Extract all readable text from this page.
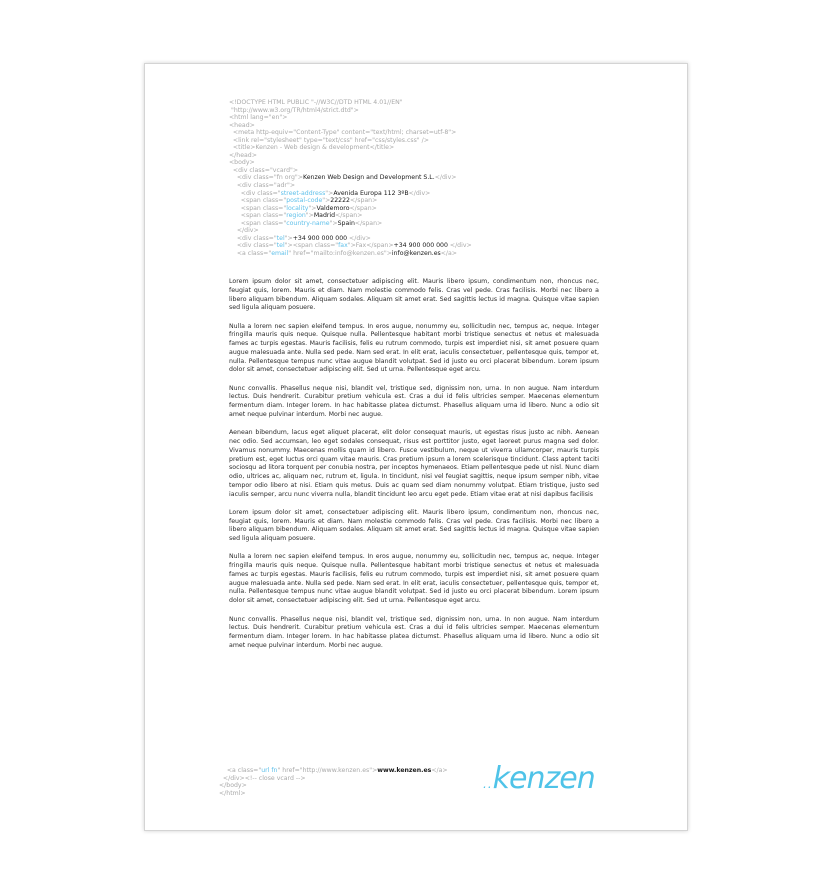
<!DOCTYPE HTML PUBLIC "-//W3C//DTD HTML 4.01//EN"
"http://www.w3.org/TR/html4/strict.dtd">
<html lang="en">
<head>
<meta http-equiv="Content-Type" content="text/html; charset=utf-8">
<link rel="stylesheet" type="text/css" href="css/styles.css" />
<title>Kenzen - Web design & development</title>
</head>
<body>
<div class="vcard">
<div class="fn org">Kenzen Web Design and Development S.L.</div>
<div class="adr">
<div class="street-address">Avenida Europa 112 3ºB</div>
<span class="postal-code">22222</span>
<span class="locality">Valdemoro</span>
<span class="region">Madrid</span>
<span class="country-name">Spain</span>
</div>
<div class="tel">+34 900 000 000 </div>
<div class="tel"><span class="fax">Fax</span>+34 900 000 000 </div>
<a class="email" href="mailto:info@kenzen.es">info@kenzen.es</a>

Lorem ipsum dolor sit amet, consectetuer adipiscing elit. Mauris libero ipsum, condimentum non, rhoncus nec, feugiat quis, lorem. Mauris et diam. Nam molestie commodo felis. Cras vel pede. Cras facilisis. Morbi nec libero a libero aliquam bibendum. Aliquam sodales. Aliquam sit amet erat. Sed sagittis lectus id magna. Quisque vitae sapien sed ligula aliquam posuere.

Nulla a lorem nec sapien eleifend tempus. In eros augue, nonummy eu, sollicitudin nec, tempus ac, neque. Integer fringilla mauris quis neque. Quisque nulla. Pellentesque habitant morbi tristique senectus et netus et malesuada fames ac turpis egestas. Mauris facilisis, felis eu rutrum commodo, turpis est imperdiet nisi, sit amet posuere quam augue malesuada ante. Nulla sed pede. Nam sed erat. In elit erat, iaculis consectetuer, pellentesque quis, tempor et, nulla. Pellentesque tempus nunc vitae augue blandit volutpat. Sed id justo eu orci placerat bibendum. Lorem ipsum dolor sit amet, consectetuer adipiscing elit. Sed ut urna. Pellentesque eget arcu.

Nunc convallis. Phasellus neque nisi, blandit vel, tristique sed, dignissim non, urna. In non augue. Nam interdum lectus. Duis hendrerit. Curabitur pretium vehicula est. Cras a dui id felis ultricies semper. Maecenas elementum fermentum diam. Integer lorem. In hac habitasse platea dictumst. Phasellus aliquam urna id libero. Nunc a odio sit amet neque pulvinar interdum. Morbi nec augue.

Aenean bibendum, lacus eget aliquet placerat, elit dolor consequat mauris, ut egestas risus justo ac nibh. Aenean nec odio. Sed accumsan, leo eget sodales consequat, risus est porttitor justo, eget laoreet purus magna sed dolor. Vivamus nonummy. Maecenas mollis quam id libero. Fusce vestibulum, neque ut viverra ullamcorper, mauris turpis pretium est, eget luctus orci quam vitae mauris. Cras pretium ipsum a lorem scelerisque tincidunt. Class aptent taciti sociosqu ad litora torquent per conubia nostra, per inceptos hymenaeos. Etiam pellentesque pede ut nisl. Nunc diam odio, ultrices ac, aliquam nec, rutrum et, ligula. In tincidunt, nisi vel feugiat sagittis, neque ipsum semper nibh, vitae tempor odio libero at nisi. Etiam quis metus. Duis ac quam sed diam nonummy volutpat. Etiam tristique, justo sed iaculis semper, arcu nunc viverra nulla, blandit tincidunt leo arcu eget pede. Etiam vitae erat at nisi dapibus facilisis

Lorem ipsum dolor sit amet, consectetuer adipiscing elit. Mauris libero ipsum, condimentum non, rhoncus nec, feugiat quis, lorem. Mauris et diam. Nam molestie commodo felis. Cras vel pede. Cras facilisis. Morbi nec libero a libero aliquam bibendum. Aliquam sodales. Aliquam sit amet erat. Sed sagittis lectus id magna. Quisque vitae sapien sed ligula aliquam posuere.

Nulla a lorem nec sapien eleifend tempus. In eros augue, nonummy eu, sollicitudin nec, tempus ac, neque. Integer fringilla mauris quis neque. Quisque nulla. Pellentesque habitant morbi tristique senectus et netus et malesuada fames ac turpis egestas. Mauris facilisis, felis eu rutrum commodo, turpis est imperdiet nisi, sit amet posuere quam augue malesuada ante. Nulla sed pede. Nam sed erat. In elit erat, iaculis consectetuer, pellentesque quis, tempor et, nulla. Pellentesque tempus nunc vitae augue blandit volutpat. Sed id justo eu orci placerat bibendum. Lorem ipsum dolor sit amet, consectetuer adipiscing elit. Sed ut urna. Pellentesque eget arcu.

Nunc convallis. Phasellus neque nisi, blandit vel, tristique sed, dignissim non, urna. In non augue. Nam interdum lectus. Duis hendrerit. Curabitur pretium vehicula est. Cras a dui id felis ultricies semper. Maecenas elementum fermentum diam. Integer lorem. In hac habitasse platea dictumst. Phasellus aliquam urna id libero. Nunc a odio sit amet neque pulvinar interdum. Morbi nec augue.

<a class="url fn" href="http://www.kenzen.es">www.kenzen.es</a>
</div><!-- close vcard -->
</body>
</html>
..kenzen
